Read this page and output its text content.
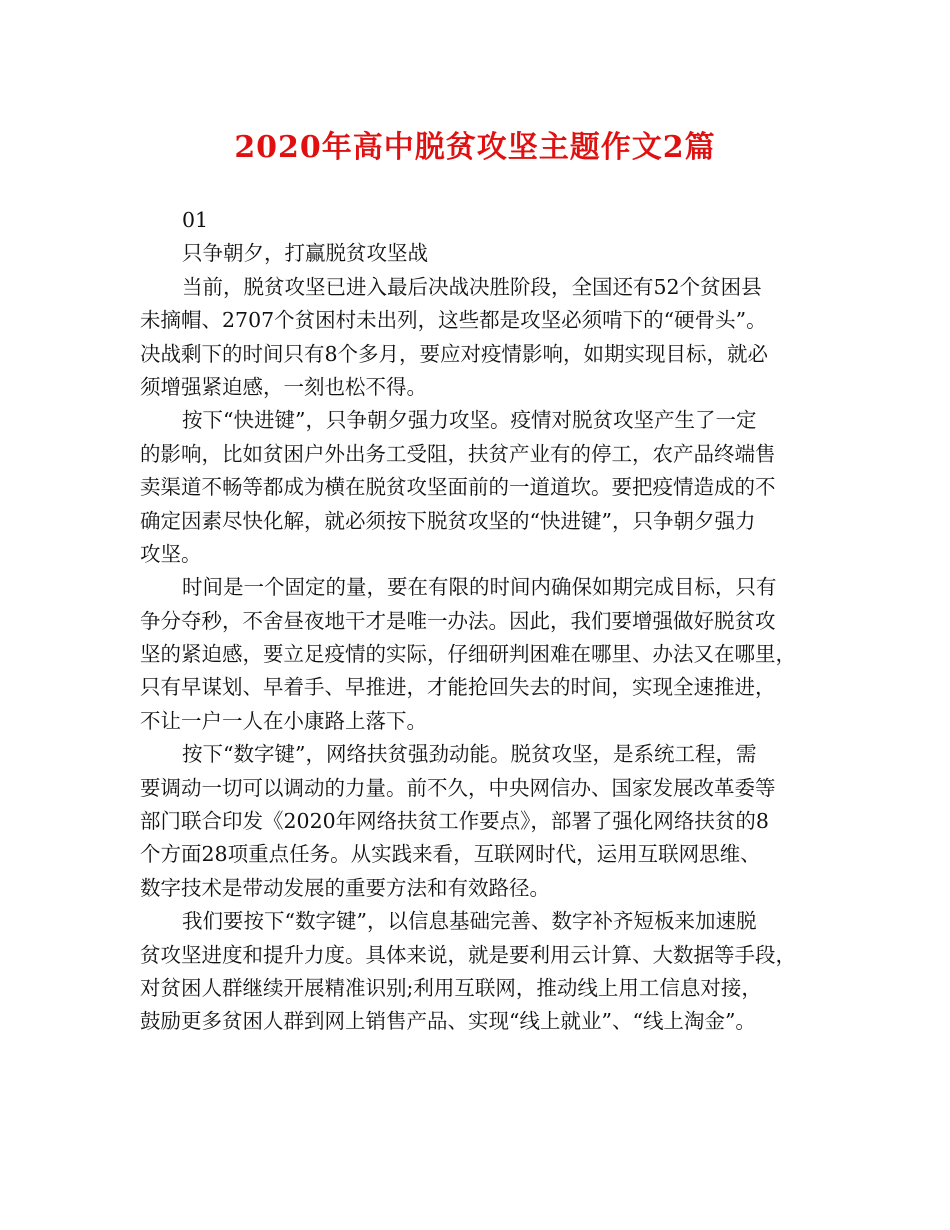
2020年高中脱贫攻坚主题作文2篇
01
只争朝夕，打赢脱贫攻坚战
当前，脱贫攻坚已进入最后决战决胜阶段，全国还有52个贫困县
未摘帽、2707个贫困村未出列，这些都是攻坚必须啃下的“硬骨头”。
决战剩下的时间只有8个多月，要应对疫情影响，如期实现目标，就必
须增强紧迫感，一刻也松不得。
按下“快进键”，只争朝夕强力攻坚。疫情对脱贫攻坚产生了一定
的影响，比如贫困户外出务工受阻，扶贫产业有的停工，农产品终端售
卖渠道不畅等都成为横在脱贫攻坚面前的一道道坎。要把疫情造成的不
确定因素尽快化解，就必须按下脱贫攻坚的“快进键”，只争朝夕强力
攻坚。
时间是一个固定的量，要在有限的时间内确保如期完成目标，只有
争分夺秒，不舍昼夜地干才是唯一办法。因此，我们要增强做好脱贫攻
坚的紧迫感，要立足疫情的实际，仔细研判困难在哪里、办法又在哪里，
只有早谋划、早着手、早推进，才能抢回失去的时间，实现全速推进，
不让一户一人在小康路上落下。
按下“数字键”，网络扶贫强劲动能。脱贫攻坚，是系统工程，需
要调动一切可以调动的力量。前不久，中央网信办、国家发展改革委等
部门联合印发《2020年网络扶贫工作要点》，部署了强化网络扶贫的8
个方面28项重点任务。从实践来看，互联网时代，运用互联网思维、
数字技术是带动发展的重要方法和有效路径。
我们要按下“数字键”，以信息基础完善、数字补齐短板来加速脱
贫攻坚进度和提升力度。具体来说，就是要利用云计算、大数据等手段，
对贫困人群继续开展精准识别;利用互联网，推动线上用工信息对接，
鼓励更多贫困人群到网上销售产品、实现“线上就业”、“线上淘金”。
